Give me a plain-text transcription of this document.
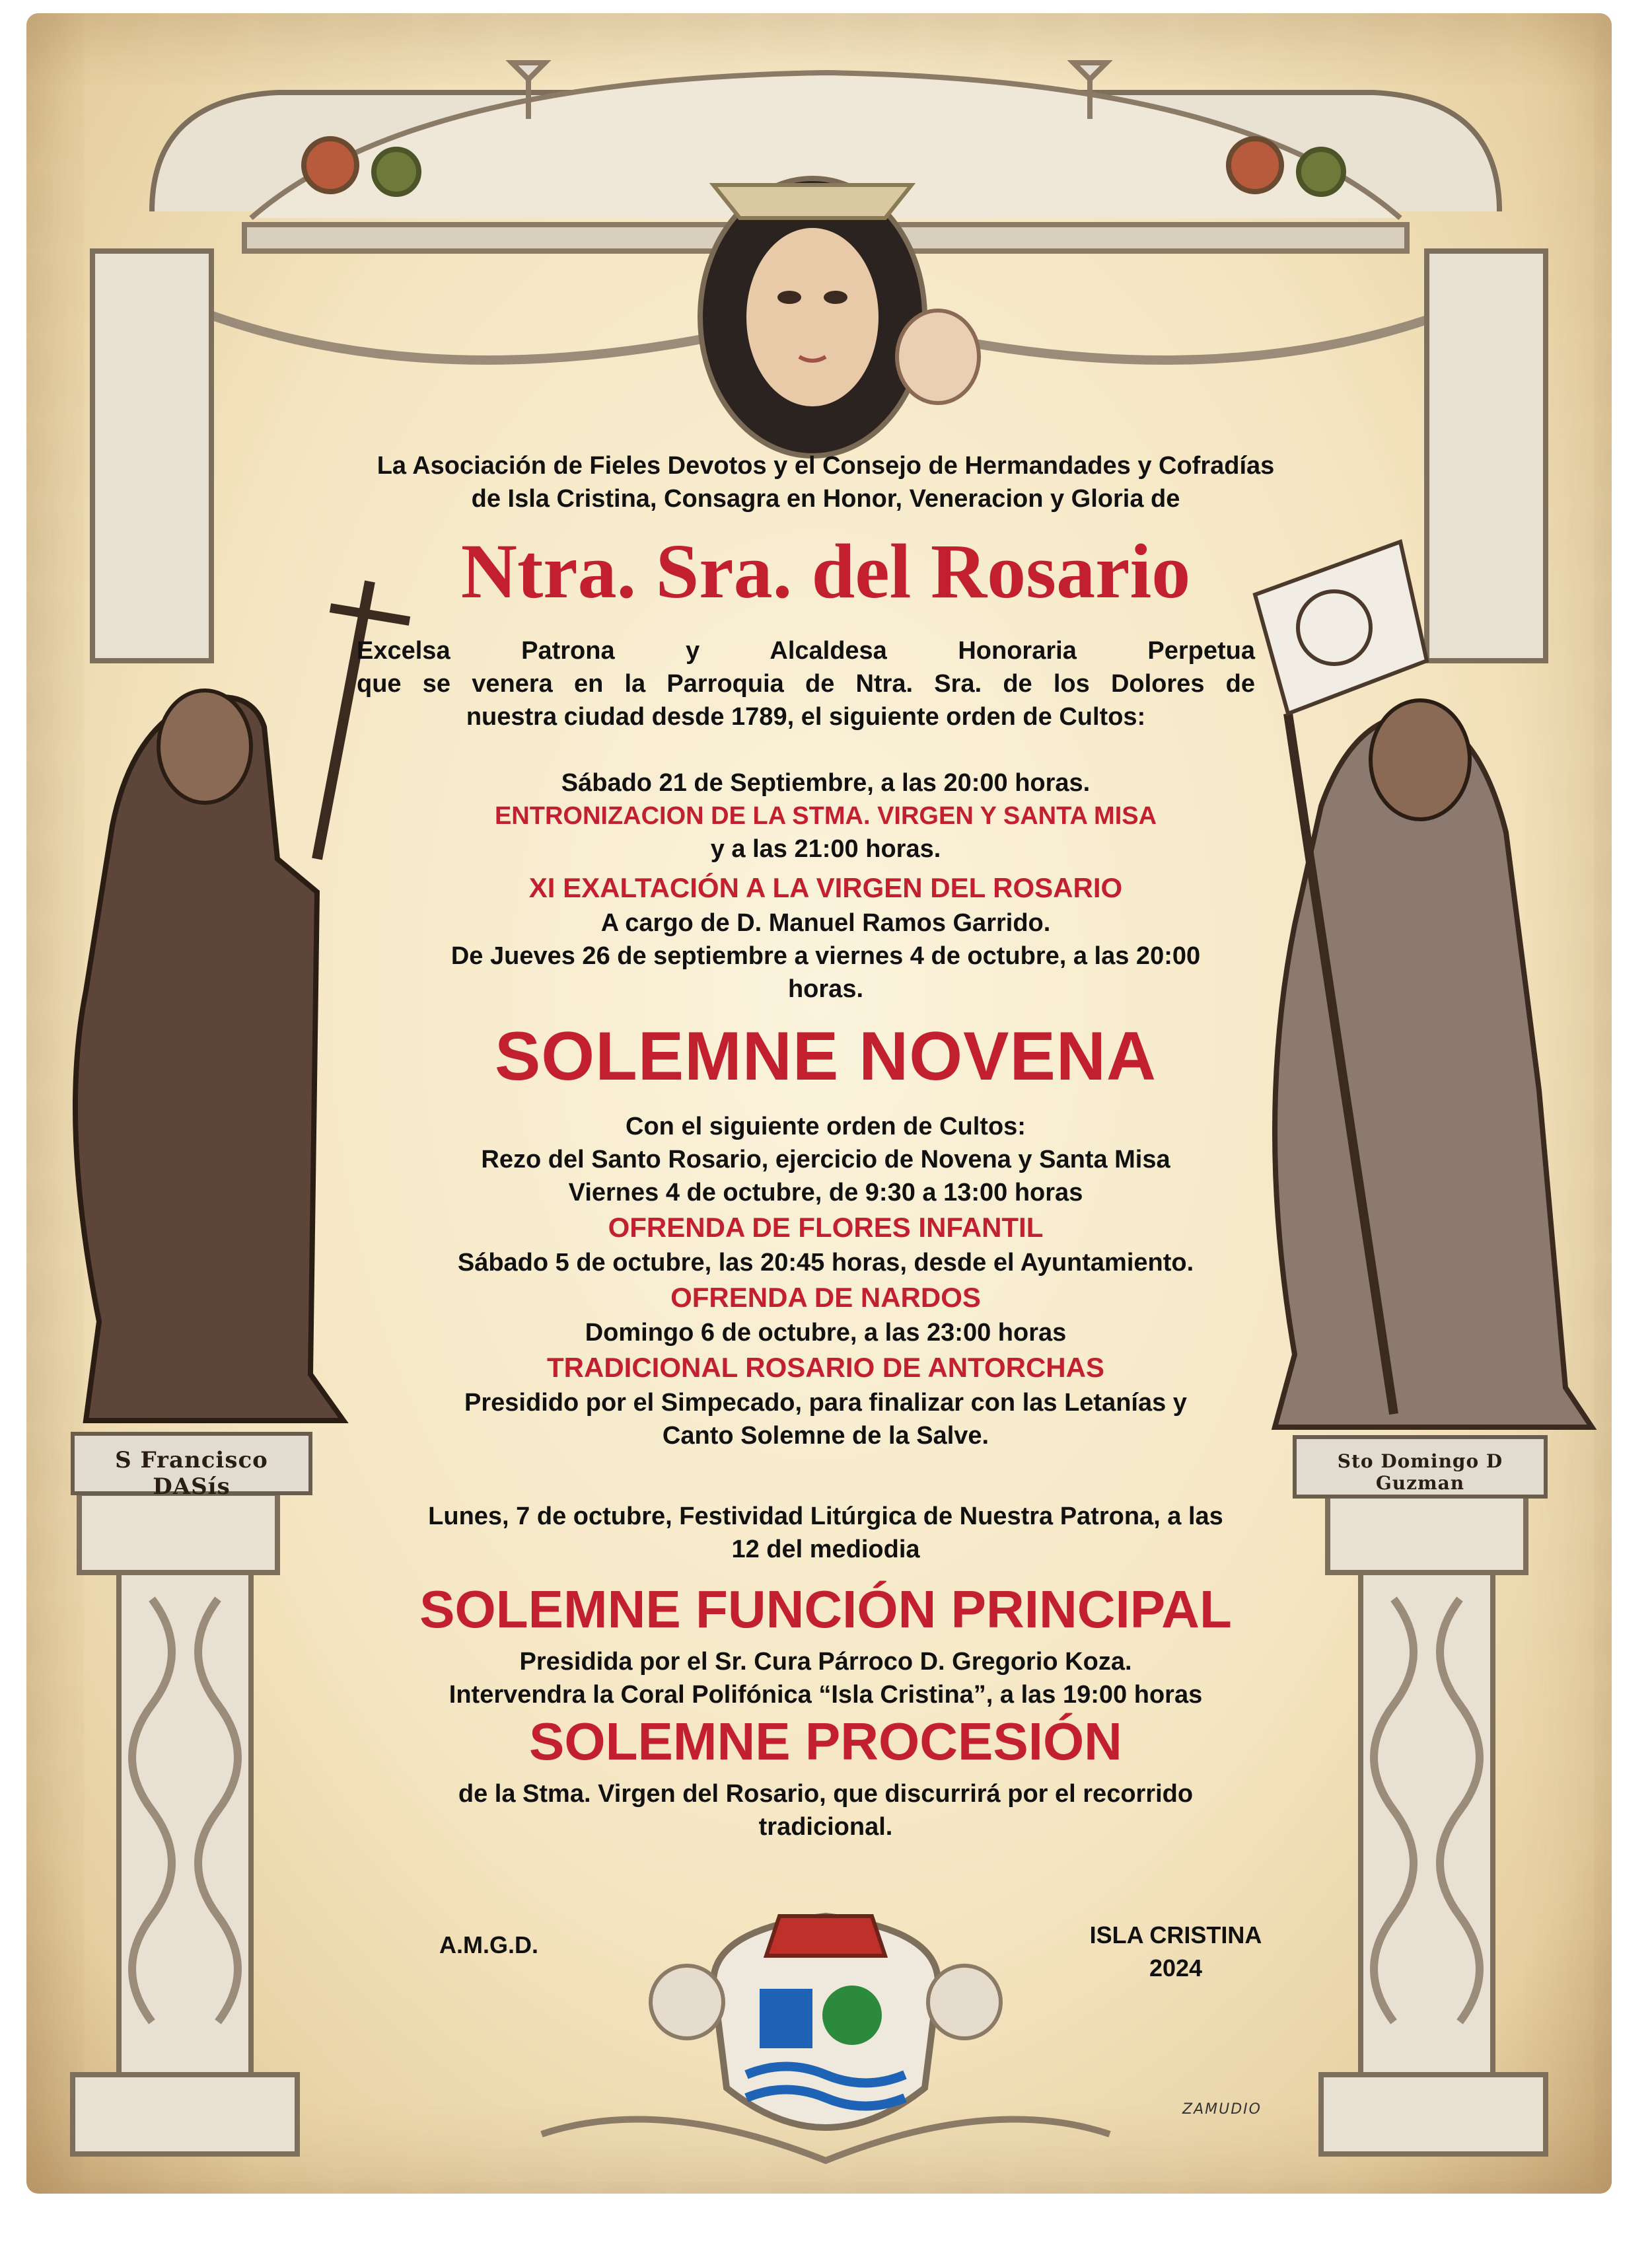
S Francisco DASís
Sto Domingo D Guzman
La Asociación de Fieles Devotos y el Consejo de Hermandades y Cofradías
de Isla Cristina, Consagra en Honor, Veneracion y Gloria de
Ntra. Sra. del Rosario
Excelsa Patrona y Alcaldesa Honoraria Perpetua
que se venera en la Parroquia de Ntra. Sra. de los Dolores de
nuestra ciudad desde 1789, el siguiente orden de Cultos:
Sábado 21 de Septiembre, a las 20:00 horas.
ENTRONIZACION DE LA STMA. VIRGEN Y SANTA MISA
y a las 21:00 horas.
XI EXALTACIÓN A LA VIRGEN DEL ROSARIO
A cargo de D. Manuel Ramos Garrido.
De Jueves 26 de septiembre a viernes 4 de octubre, a las 20:00
horas.
SOLEMNE NOVENA
Con el siguiente orden de Cultos:
Rezo del Santo Rosario, ejercicio de Novena y Santa Misa
Viernes 4 de octubre, de 9:30 a 13:00 horas
OFRENDA DE FLORES INFANTIL
Sábado 5 de octubre, las 20:45 horas, desde el Ayuntamiento.
OFRENDA DE NARDOS
Domingo 6 de octubre, a las 23:00 horas
TRADICIONAL ROSARIO DE ANTORCHAS
Presidido por el Simpecado, para finalizar con las Letanías y
Canto Solemne de la Salve.
Lunes, 7 de octubre, Festividad Litúrgica de Nuestra Patrona, a las
12 del mediodia
SOLEMNE FUNCIÓN PRINCIPAL
Presidida por el Sr. Cura Párroco D. Gregorio Koza.
Intervendra la Coral Polifónica “Isla Cristina”, a las 19:00 horas
SOLEMNE PROCESIÓN
de la Stma. Virgen del Rosario, que discurrirá por el recorrido
tradicional.
A.M.G.D.	ISLA CRISTINA
2024
ZAMUDIO
